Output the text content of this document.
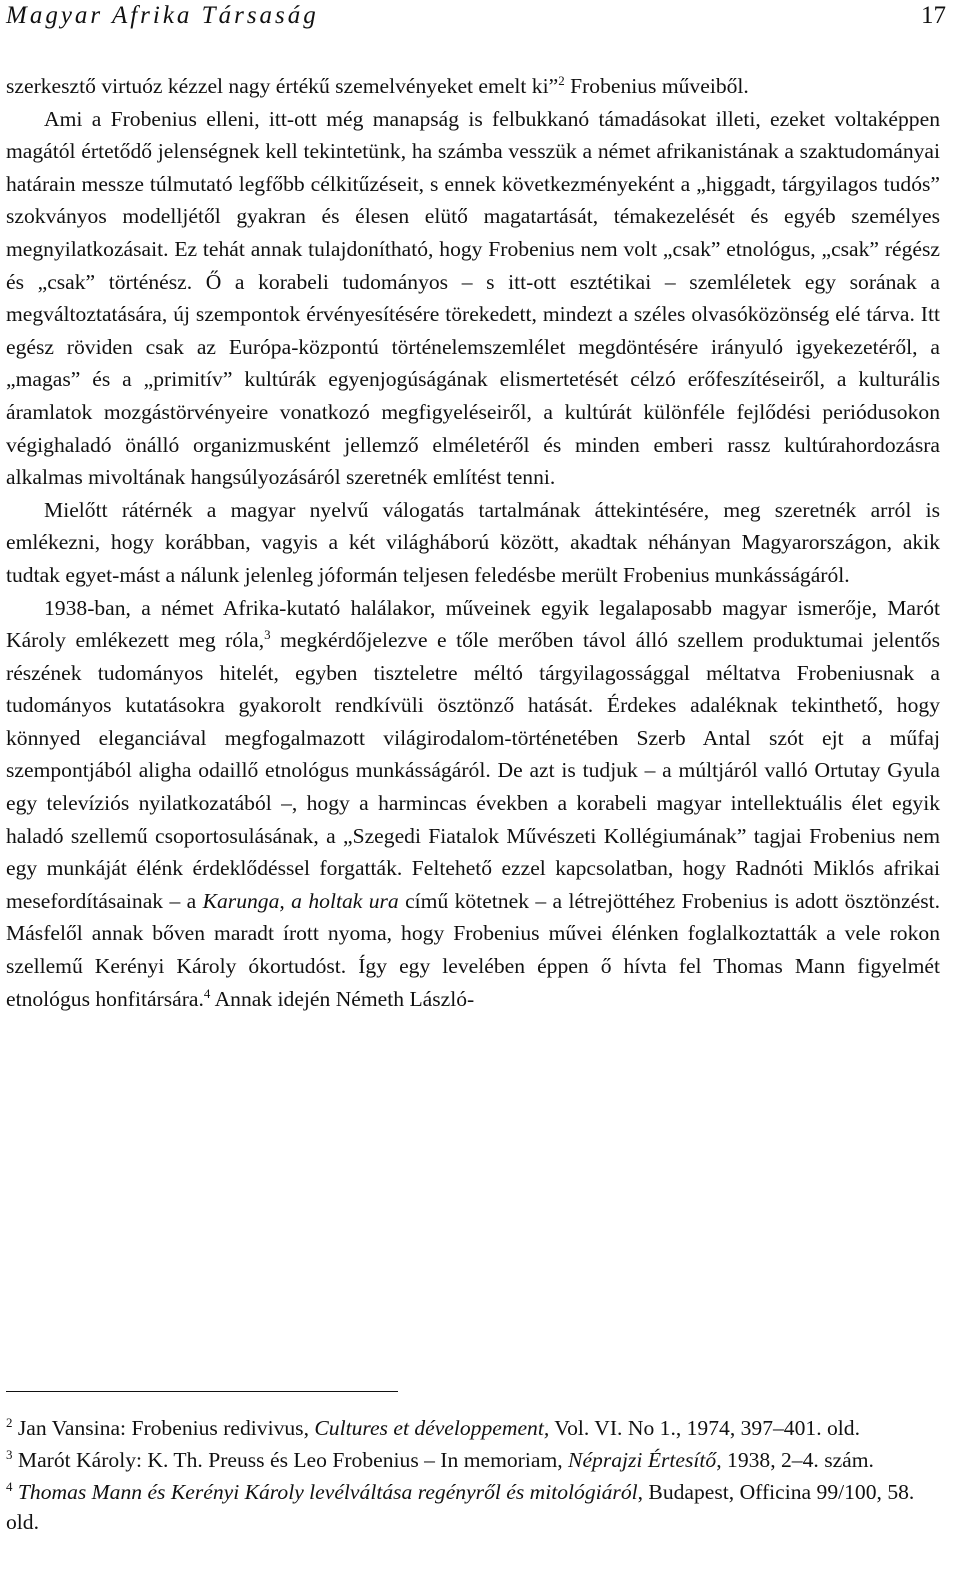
Magyar Afrika Társaság	17

szerkesztő virtuóz kézzel nagy értékű szemelvényeket emelt ki”$^2$ Frobenius műveiből.

Ami a Frobenius elleni, itt-ott még manapság is felbukkanó támadásokat illeti, ezeket voltaképpen magától értetődő jelenségnek kell tekintetünk, ha számba vesszük a német afrikanistának a szaktudományai határain messze túlmutató legfőbb célkitűzéseit, s ennek következményeként a „higgadt, tárgyilagos tudós” szokványos modelljétől gyakran és élesen elütő magatartását, témakezelését és egyéb személyes megnyilatkozásait. Ez tehát annak tulajdonítható, hogy Frobenius nem volt „csak” etnológus, „csak” régész és „csak” történész. Ő a korabeli tudományos – s itt-ott esztétikai – szemléletek egy sorának a megváltoztatására, új szempontok érvényesítésére törekedett, mindezt a széles olvasóközönség elé tárva. Itt egész röviden csak az Európa-központú történelemszemlélet megdöntésére irányuló igyekezetéről, a „magas” és a „primitív” kultúrák egyenjogúságának elismertetését célzó erőfeszítéseiről, a kulturális áramlatok mozgástörvényeire vonatkozó megfigyeléseiről, a kultúrát különféle fejlődési periódusokon végighaladó önálló organizmusként jellemző elméletéről és minden emberi rassz kultúrahordozásra alkalmas mivoltának hangsúlyozásáról szeretnék említést tenni.

Mielőtt rátérnék a magyar nyelvű válogatás tartalmának áttekintésére, meg szeretnék arról is emlékezni, hogy korábban, vagyis a két világháború között, akadtak néhányan Magyarországon, akik tudtak egyet-mást a nálunk jelenleg jóformán teljesen feledésbe merült Frobenius munkásságáról.

1938-ban, a német Afrika-kutató halálakor, műveinek egyik legalaposabb magyar ismerője, Marót Károly emlékezett meg róla,$^3$ megkérdőjelezve e tőle merőben távol álló szellem produktumai jelentős részének tudományos hitelét, egyben tiszteletre méltó tárgyilagossággal méltatva Frobeniusnak a tudományos kutatásokra gyakorolt rendkívüli ösztönző hatását. Érdekes adaléknak tekinthető, hogy könnyed eleganciával megfogalmazott világirodalom-történetében Szerb Antal szót ejt a műfaj szempontjából aligha odaillő etnológus munkásságáról. De azt is tudjuk – a múltjáról valló Ortutay Gyula egy televíziós nyilatkozatából –, hogy a harmincas években a korabeli magyar intellektuális élet egyik haladó szellemű csoportosulásának, a „Szegedi Fiatalok Művészeti Kollégiumának” tagjai Frobenius nem egy munkáját élénk érdeklődéssel forgatták. Feltehető ezzel kapcsolatban, hogy Radnóti Miklós afrikai mesefordításainak – a Karunga, a holtak ura című kötetnek – a létrejöttéhez Frobenius is adott ösztönzést. Másfelől annak bőven maradt írott nyoma, hogy Frobenius művei élénken foglalkoztatták a vele rokon szellemű Kerényi Károly ókortudóst. Így egy levelében éppen ő hívta fel Thomas Mann figyelmét etnológus honfitársára.$^4$ Annak idején Németh László-

$^2$ Jan Vansina: Frobenius redivivus, Cultures et développement, Vol. VI. No 1., 1974, 397–401. old.

$^3$ Marót Károly: K. Th. Preuss és Leo Frobenius – In memoriam, Néprajzi Értesítő, 1938, 2–4. szám.

$^4$ Thomas Mann és Kerényi Károly levélváltása regényről és mitológiáról, Budapest, Officina 99/100, 58. old.
